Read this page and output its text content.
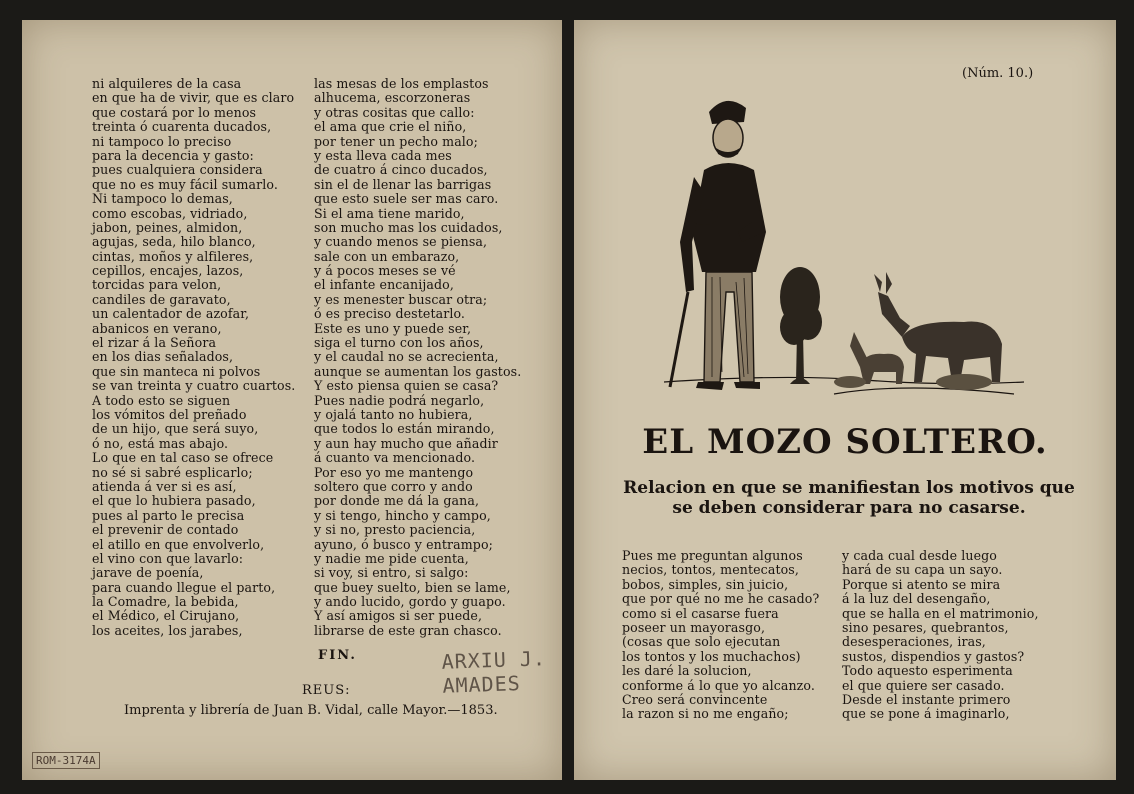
ni alquileres de la casa
en que ha de vivir, que es claro
que costará por lo menos
treinta ó cuarenta ducados,
ni tampoco lo preciso
para la decencia y gasto:
pues cualquiera considera
que no es muy fácil sumarlo.
Ni tampoco lo demas,
como escobas, vidriado,
jabon, peines, almidon,
agujas, seda, hilo blanco,
cintas, moños y alfileres,
cepillos, encajes, lazos,
torcidas para velon,
candiles de garavato,
un calentador de azofar,
abanicos en verano,
el rizar á la Señora
en los dias señalados,
que sin manteca ni polvos
se van treinta y cuatro cuartos.
A todo esto se siguen
los vómitos del preñado
de un hijo, que será suyo,
ó no, está mas abajo.
Lo que en tal caso se ofrece
no sé si sabré esplicarlo;
atienda á ver si es así,
el que lo hubiera pasado,
pues al parto le precisa
el prevenir de contado
el atillo en que envolverlo,
el vino con que lavarlo:
jarave de poenía,
para cuando llegue el parto,
la Comadre, la bebida,
el Médico, el Cirujano,
los aceites, los jarabes,
las mesas de los emplastos
alhucema, escorzoneras
y otras cositas que callo:
el ama que crie el niño,
por tener un pecho malo;
y esta lleva cada mes
de cuatro á cinco ducados,
sin el de llenar las barrigas
que esto suele ser mas caro.
Si el ama tiene marido,
son mucho mas los cuidados,
y cuando menos se piensa,
sale con un embarazo,
y á pocos meses se vé
el infante encanijado,
y es menester buscar otra;
ó es preciso destetarlo.
Este es uno y puede ser,
siga el turno con los años,
y el caudal no se acrecienta,
aunque se aumentan los gastos.
Y esto piensa quien se casa?
Pues nadie podrá negarlo,
y ojalá tanto no hubiera,
que todos lo están mirando,
y aun hay mucho que añadir
á cuanto va mencionado.
Por eso yo me mantengo
soltero que corro y ando
por donde me dá la gana,
y si tengo, hincho y campo,
y si no, presto paciencia,
ayuno, ó busco y entrampo;
y nadie me pide cuenta,
si voy, si entro, si salgo:
que buey suelto, bien se lame,
y ando lucido, gordo y guapo.
Y así amigos si ser puede,
librarse de este gran chasco.
FIN.
REUS:
Imprenta y librería de Juan B. Vidal, calle Mayor.—1853.
ARXIU J.
AMADES
ROM-3174A
(Núm. 10.)
EL MOZO SOLTERO.
Relacion en que se manifiestan los motivos que
se deben considerar para no casarse.
Pues me preguntan algunos
necios, tontos, mentecatos,
bobos, simples, sin juicio,
que por qué no me he casado?
como si el casarse fuera
poseer un mayorasgo,
(cosas que solo ejecutan
los tontos y los muchachos)
les daré la solucion,
conforme á lo que yo alcanzo.
Creo será convincente
la razon si no me engaño;
y cada cual desde luego
hará de su capa un sayo.
Porque si atento se mira
á la luz del desengaño,
que se halla en el matrimonio,
sino pesares, quebrantos,
desesperaciones, iras,
sustos, dispendios y gastos?
Todo aquesto esperimenta
el que quiere ser casado.
Desde el instante primero
que se pone á imaginarlo,
